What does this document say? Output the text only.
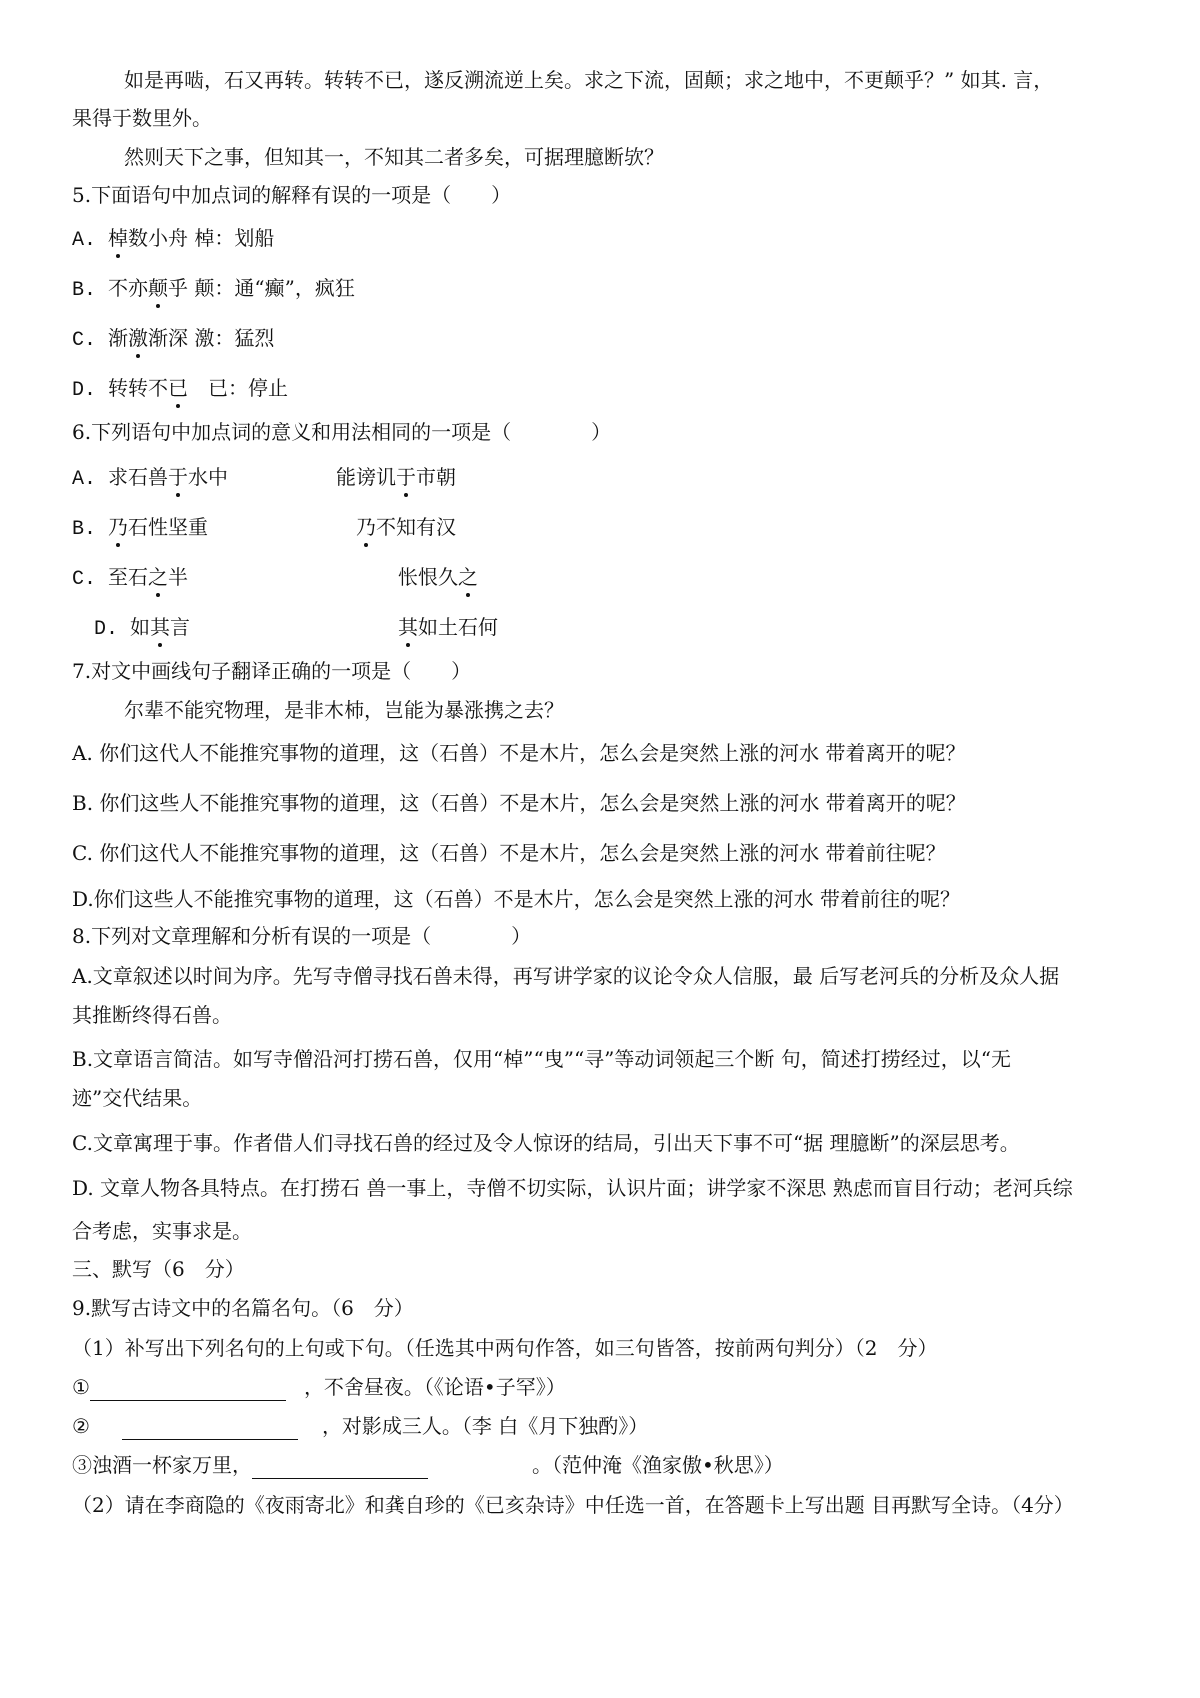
如是再啮，石又再转。转转不已，遂反溯流逆上矣。求之下流，固颠；求之地中，不更颠乎？” 如其. 言，
果得于数里外。
然则天下之事，但知其一，不知其二者多矣，可据理臆断欤？
5.下面语句中加点词的解释有误的一项是（　　）
A. 棹数小舟 棹：划船
B. 不亦颠乎 颠：通“癫”，疯狂
C. 渐激渐深 激：猛烈
D. 转转不已　已：停止
6.下列语句中加点词的意义和用法相同的一项是（　　　　）
A. 求石兽于水中	能谤讥于市朝
B. 乃石性坚重	乃不知有汉
C. 至石之半	怅恨久之
D. 如其言	其如土石何
7.对文中画线句子翻译正确的一项是（　　）
尔辈不能究物理，是非木杮，岂能为暴涨携之去？
A. 你们这代人不能推究事物的道理，这（石兽）不是木片，怎么会是突然上涨的河水 带着离开的呢？
B. 你们这些人不能推究事物的道理，这（石兽）不是木片，怎么会是突然上涨的河水 带着离开的呢？
C. 你们这代人不能推究事物的道理，这（石兽）不是木片，怎么会是突然上涨的河水 带着前往呢？
D.你们这些人不能推究事物的道理，这（石兽）不是木片，怎么会是突然上涨的河水 带着前往的呢？
8.下列对文章理解和分析有误的一项是（　　　　）
A.文章叙述以时间为序。先写寺僧寻找石兽未得，再写讲学家的议论令众人信服，最 后写老河兵的分析及众人据
其推断终得石兽。
B.文章语言简洁。如写寺僧沿河打捞石兽，仅用“棹”“曳”“寻”等动词领起三个断 句，简述打捞经过，以“无
迹”交代结果。
C.文章寓理于事。作者借人们寻找石兽的经过及令人惊讶的结局，引出天下事不可“据 理臆断”的深层思考。
D. 文章人物各具特点。在打捞石 兽一事上，寺僧不切实际，认识片面；讲学家不深思 熟虑而盲目行动；老河兵综
合考虑，实事求是。
三、默写（6　分）
9.默写古诗文中的名篇名句。（6　分）
（1）补写出下列名句的上句或下句。（任选其中两句作答，如三句皆答，按前两句判分）（2　分）
①	，不舍昼夜。（《论语•子罕》）
②	，对影成三人。（李 白《月下独酌》）
③浊酒一杯家万里，	。（范仲淹《渔家傲•秋思》）
（2）请在李商隐的《夜雨寄北》和龚自珍的《已亥杂诗》中任选一首，在答题卡上写出题 目再默写全诗。（4分）
